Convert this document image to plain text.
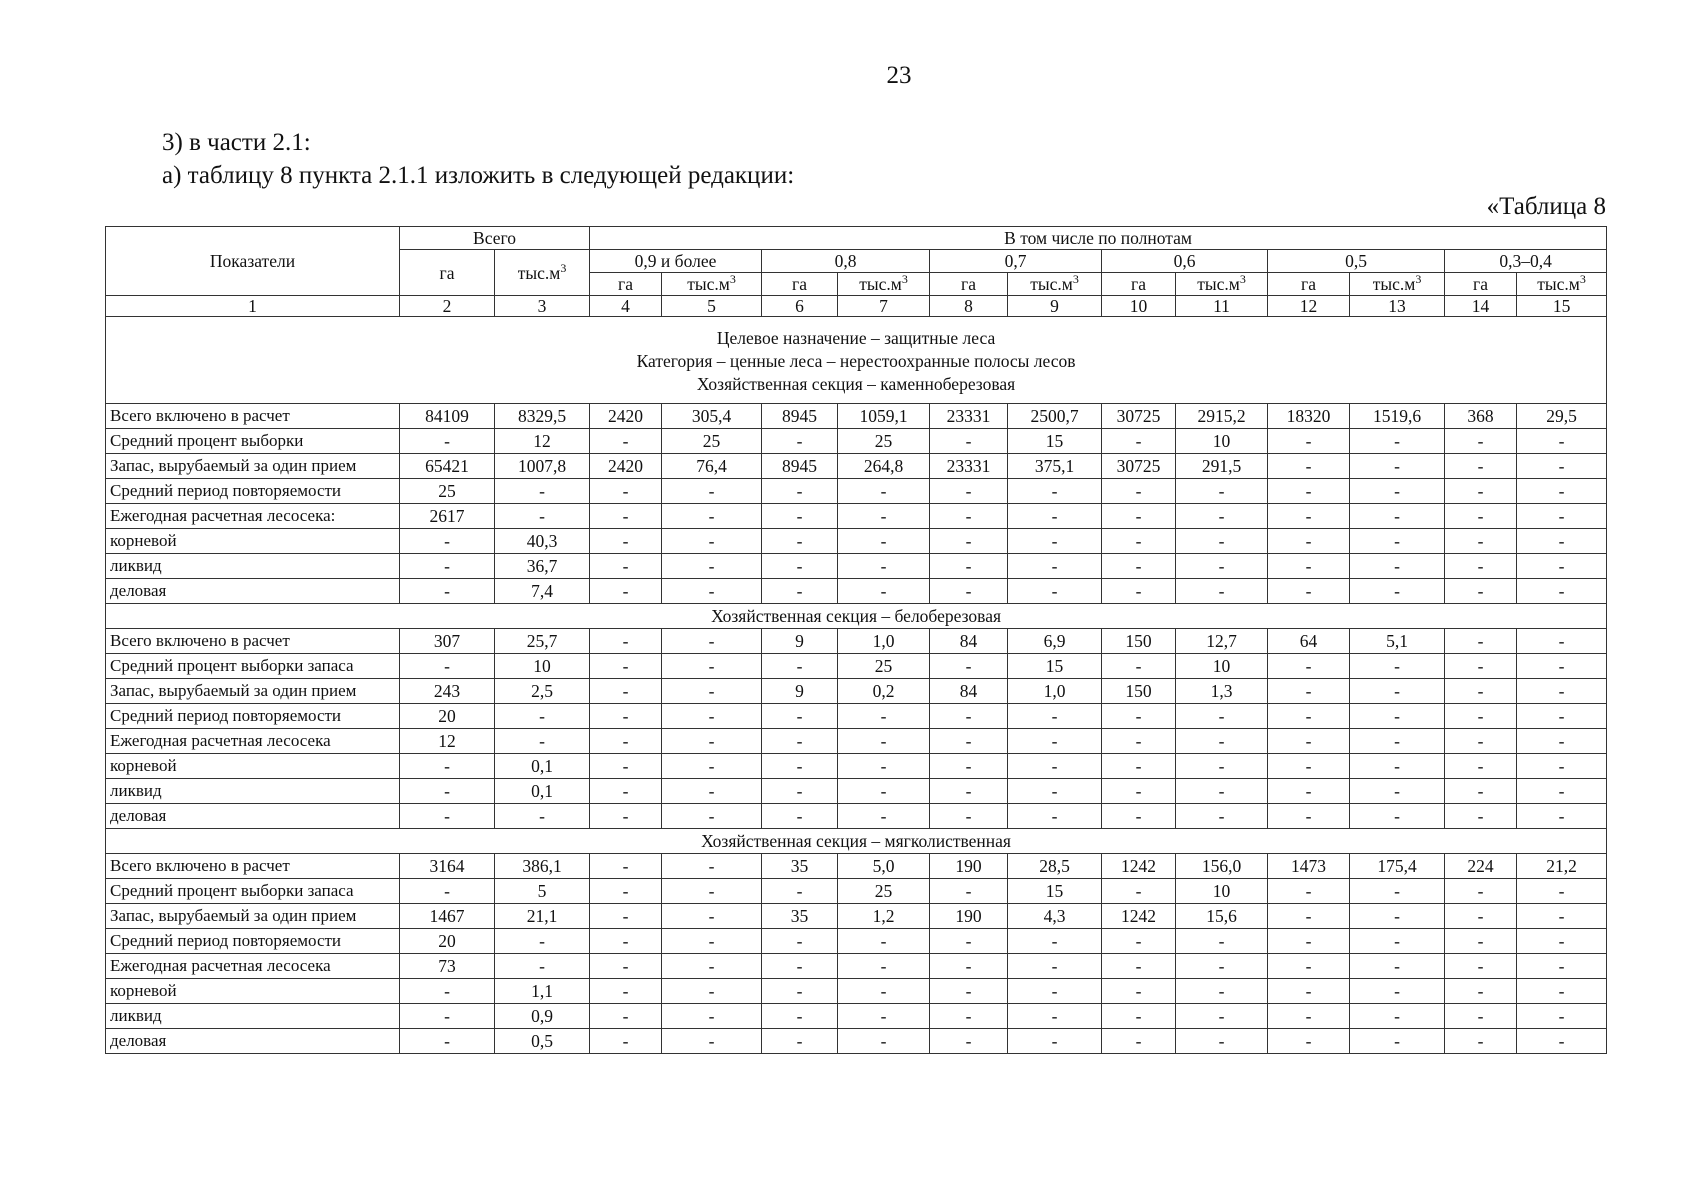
23
3) в части 2.1:
а) таблицу 8 пункта 2.1.1 изложить в следующей редакции:
«Таблица 8
Показатели	Всего		В том числе по полнотам											
	га	$тыс.м^3$	0,9 и более		0,8		0,7		0,6		0,5		0,3–0,4	
			га	$тыс.м^3$	га	$тыс.м^3$	га	$тыс.м^3$	га	$тыс.м^3$	га	$тыс.м^3$	га	$тыс.м^3$
1	2	3	4	5	6	7	8	9	10	11	12	13	14	15

Целевое назначение – защитные леса
Категория – ценные леса – нерестоохранные полосы лесов
Хозяйственная секция – каменноберезовая														

Всего включено в расчет	84109	8329,5	2420	305,4	8945	1059,1	23331	2500,7	30725	2915,2	18320	1519,6	368	29,5
Средний процент выборки	-	12	-	25	-	25	-	15	-	10	-	-	-	-
Запас, вырубаемый за один прием	65421	1007,8	2420	76,4	8945	264,8	23331	375,1	30725	291,5	-	-	-	-
Средний период повторяемости	25	-	-	-	-	-	-	-	-	-	-	-	-	-
Ежегодная расчетная лесосека:	2617	-	-	-	-	-	-	-	-	-	-	-	-	-
корневой	-	40,3	-	-	-	-	-	-	-	-	-	-	-	-
ликвид	-	36,7	-	-	-	-	-	-	-	-	-	-	-	-
деловая	-	7,4	-	-	-	-	-	-	-	-	-	-	-	-

Хозяйственная секция – белоберезовая														

Всего включено в расчет	307	25,7	-	-	9	1,0	84	6,9	150	12,7	64	5,1	-	-
Средний процент выборки запаса	-	10	-	-	-	25	-	15	-	10	-	-	-	-
Запас, вырубаемый за один прием	243	2,5	-	-	9	0,2	84	1,0	150	1,3	-	-	-	-
Средний период повторяемости	20	-	-	-	-	-	-	-	-	-	-	-	-	-
Ежегодная расчетная лесосека	12	-	-	-	-	-	-	-	-	-	-	-	-	-
корневой	-	0,1	-	-	-	-	-	-	-	-	-	-	-	-
ликвид	-	0,1	-	-	-	-	-	-	-	-	-	-	-	-
деловая	-	-	-	-	-	-	-	-	-	-	-	-	-	-

Хозяйственная секция – мягколиственная														

Всего включено в расчет	3164	386,1	-	-	35	5,0	190	28,5	1242	156,0	1473	175,4	224	21,2
Средний процент выборки запаса	-	5	-	-	-	25	-	15	-	10	-	-	-	-
Запас, вырубаемый за один прием	1467	21,1	-	-	35	1,2	190	4,3	1242	15,6	-	-	-	-
Средний период повторяемости	20	-	-	-	-	-	-	-	-	-	-	-	-	-
Ежегодная расчетная лесосека	73	-	-	-	-	-	-	-	-	-	-	-	-	-
корневой	-	1,1	-	-	-	-	-	-	-	-	-	-	-	-
ликвид	-	0,9	-	-	-	-	-	-	-	-	-	-	-	-
деловая	-	0,5	-	-	-	-	-	-	-	-	-	-	-	-
